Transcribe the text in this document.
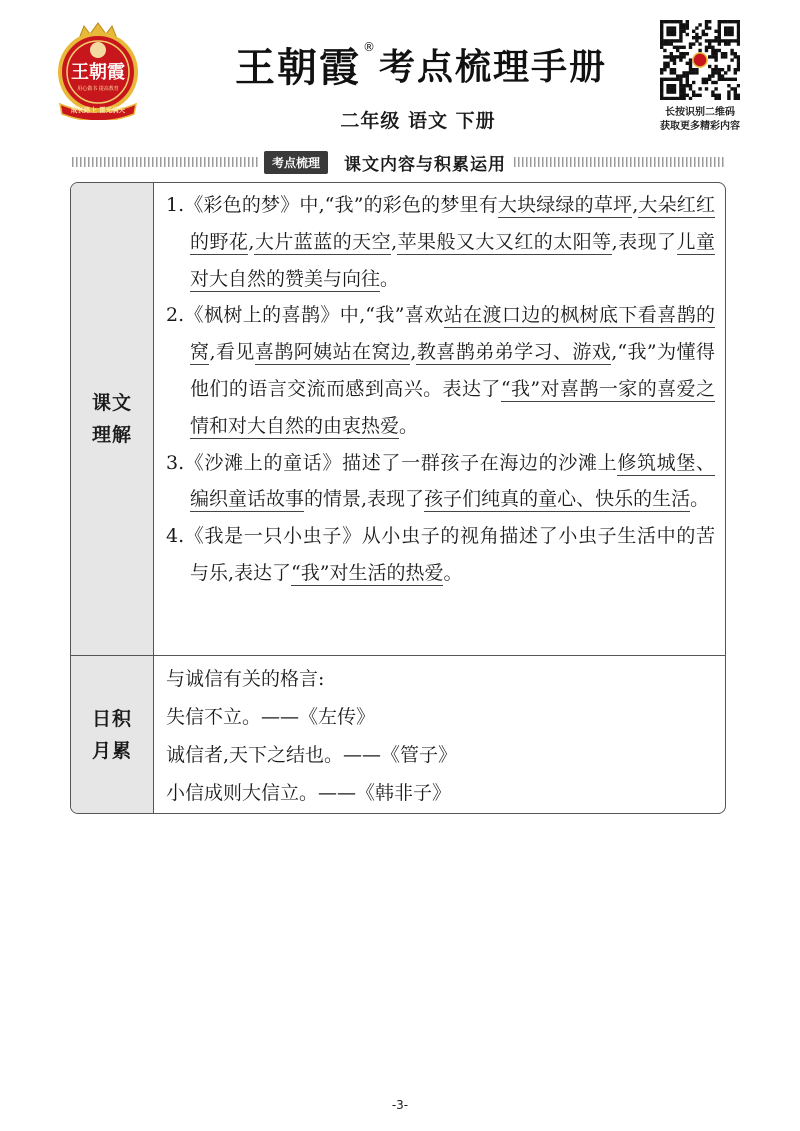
王朝霞
用心做书 提高教育
成长路上 雷光满天
王朝霞 ® 考点梳理手册
二年级 语文 下册	长按识别二维码
获取更多精彩内容
考点梳理	课文内容与积累运用
课文理解
1.《彩色的梦》中,“我”的彩色的梦里有大块绿绿的草坪,大朵红红的野花,大片蓝蓝的天空,苹果般又大又红的太阳等,表现了儿童对大自然的赞美与向往。
2.《枫树上的喜鹊》中,“我”喜欢站在渡口边的枫树底下看喜鹊的窝,看见喜鹊阿姨站在窝边,教喜鹊弟弟学习、游戏,“我”为懂得他们的语言交流而感到高兴。表达了“我”对喜鹊一家的喜爱之情和对大自然的由衷热爱。
3.《沙滩上的童话》描述了一群孩子在海边的沙滩上修筑城堡、编织童话故事的情景,表现了孩子们纯真的童心、快乐的生活。
4.《我是一只小虫子》从小虫子的视角描述了小虫子生活中的苦与乐,表达了“我”对生活的热爱。
日积月累
与诚信有关的格言:
失信不立。——《左传》
诚信者,天下之结也。——《管子》
小信成则大信立。——《韩非子》
-3-
